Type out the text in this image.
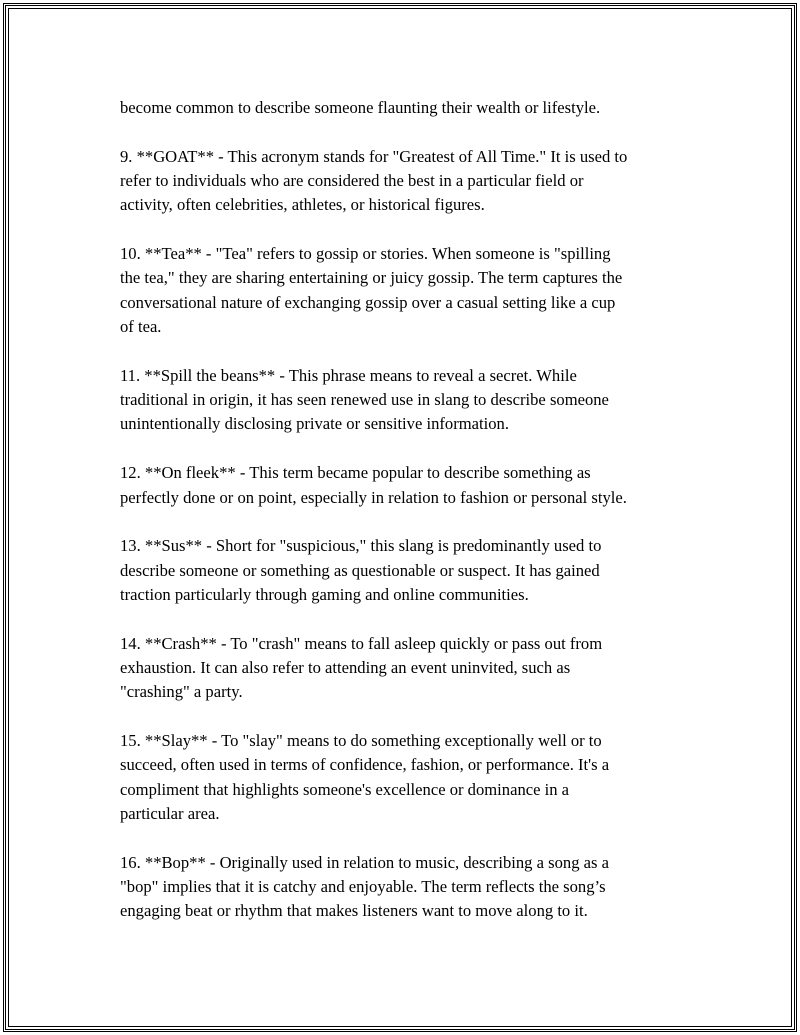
become common to describe someone flaunting their wealth or lifestyle.

9. **GOAT** - This acronym stands for "Greatest of All Time." It is used to
refer to individuals who are considered the best in a particular field or
activity, often celebrities, athletes, or historical figures.

10. **Tea** - "Tea" refers to gossip or stories. When someone is "spilling
the tea," they are sharing entertaining or juicy gossip. The term captures the
conversational nature of exchanging gossip over a casual setting like a cup
of tea.

11. **Spill the beans** - This phrase means to reveal a secret. While
traditional in origin, it has seen renewed use in slang to describe someone
unintentionally disclosing private or sensitive information.

12. **On fleek** - This term became popular to describe something as
perfectly done or on point, especially in relation to fashion or personal style.

13. **Sus** - Short for "suspicious," this slang is predominantly used to
describe someone or something as questionable or suspect. It has gained
traction particularly through gaming and online communities.

14. **Crash** - To "crash" means to fall asleep quickly or pass out from
exhaustion. It can also refer to attending an event uninvited, such as
"crashing" a party.

15. **Slay** - To "slay" means to do something exceptionally well or to
succeed, often used in terms of confidence, fashion, or performance. It's a
compliment that highlights someone's excellence or dominance in a
particular area.

16. **Bop** - Originally used in relation to music, describing a song as a
"bop" implies that it is catchy and enjoyable. The term reflects the song’s
engaging beat or rhythm that makes listeners want to move along to it.
